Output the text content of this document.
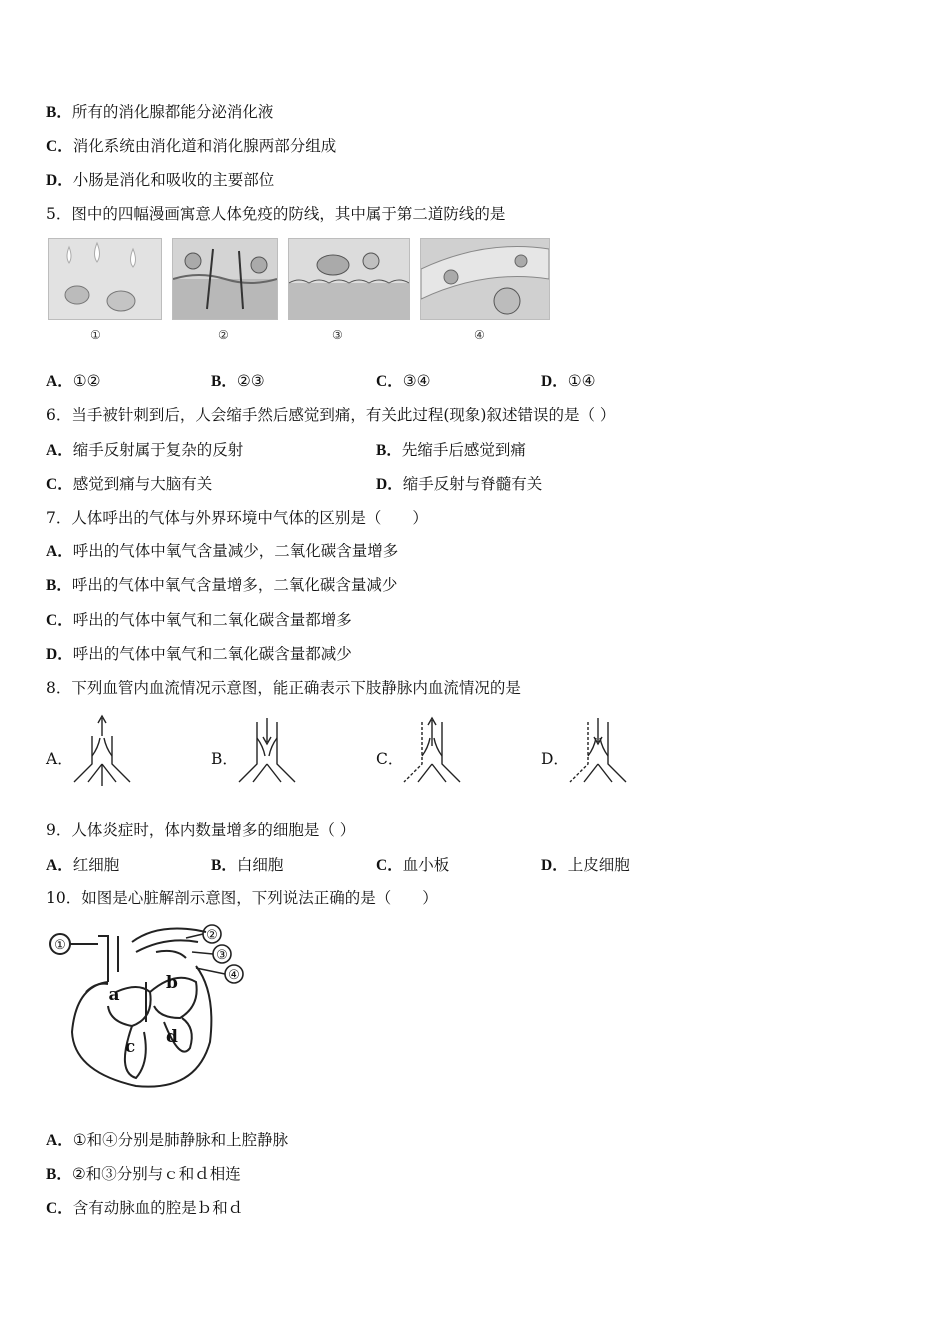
B．所有的消化腺都能分泌消化液
C．消化系统由消化道和消化腺两部分组成
D．小肠是消化和吸收的主要部位
5．图中的四幅漫画寓意人体免疫的防线，其中属于第二道防线的是
①	②	③	④
A．①②	B．②③	C．③④	D．①④
6．当手被针刺到后，人会缩手然后感觉到痛，有关此过程(现象)叙述错误的是（ ）
A．缩手反射属于复杂的反射	B．先缩手后感觉到痛
C．感觉到痛与大脑有关	D．缩手反射与脊髓有关
7．人体呼出的气体与外界环境中气体的区别是（　　）
A．呼出的气体中氧气含量减少，二氧化碳含量增多
B．呼出的气体中氧气含量增多，二氧化碳含量减少
C．呼出的气体中氧气和二氧化碳含量都增多
D．呼出的气体中氧气和二氧化碳含量都减少
8．下列血管内血流情况示意图，能正确表示下肢静脉内血流情况的是
A．	B．	C．	D．
9．人体炎症时，体内数量增多的细胞是（ ）
A．红细胞	B．白细胞	C．血小板	D．上皮细胞
10．如图是心脏解剖示意图，下列说法正确的是（　　）
①
②
③
④
a
b
c d
A．①和④分别是肺静脉和上腔静脉
B．②和③分别与ｃ和ｄ相连
C．含有动脉血的腔是ｂ和ｄ
